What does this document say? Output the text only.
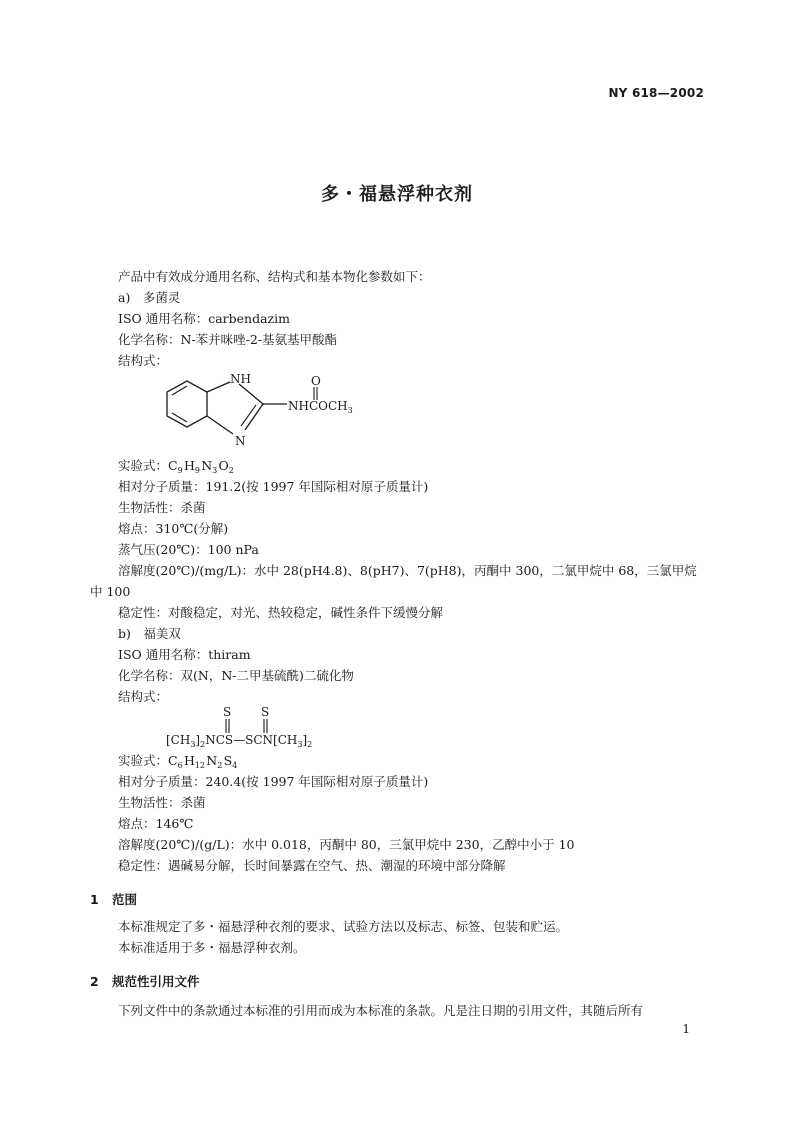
NY 618—2002
多・福悬浮种衣剂
产品中有效成分通用名称、结构式和基本物化参数如下：
a)　多菌灵
ISO 通用名称：carbendazim
化学名称：N-苯并咪唑-2-基氨基甲酸酯
结构式：
NH	O
$NHCOCH_3$
N
实验式：$C_9$ $H_9$ $N_3$ $O_2$
相对分子质量：191.2(按 1997 年国际相对原子质量计)
生物活性：杀菌
熔点：310℃(分解)
蒸气压(20℃)：100 nPa
溶解度(20℃)/(mg/L)：水中 28(pH4.8)、8(pH7)、7(pH8)，丙酮中 300，二氯甲烷中 68，三氯甲烷
中 100
稳定性：对酸稳定，对光、热较稳定，碱性条件下缓慢分解
b)　福美双
ISO 通用名称：thiram
化学名称：双(N，N-二甲基硫酰)二硫化物
结构式：
S S
$[CH_3]_2NCS—SCN[CH_3]_2$
实验式：$C_6$ $H_{12}$ $N_2$ $S_4$
相对分子质量：240.4(按 1997 年国际相对原子质量计)
生物活性：杀菌
熔点：146℃
溶解度(20℃)/(g/L)：水中 0.018，丙酮中 80，三氯甲烷中 230，乙醇中小于 10
稳定性：遇碱易分解，长时间暴露在空气、热、潮湿的环境中部分降解
1 范围
本标准规定了多・福悬浮种衣剂的要求、试验方法以及标志、标签、包装和贮运。
本标准适用于多・福悬浮种衣剂。
2 规范性引用文件
下列文件中的条款通过本标准的引用而成为本标准的条款。凡是注日期的引用文件，其随后所有
1
